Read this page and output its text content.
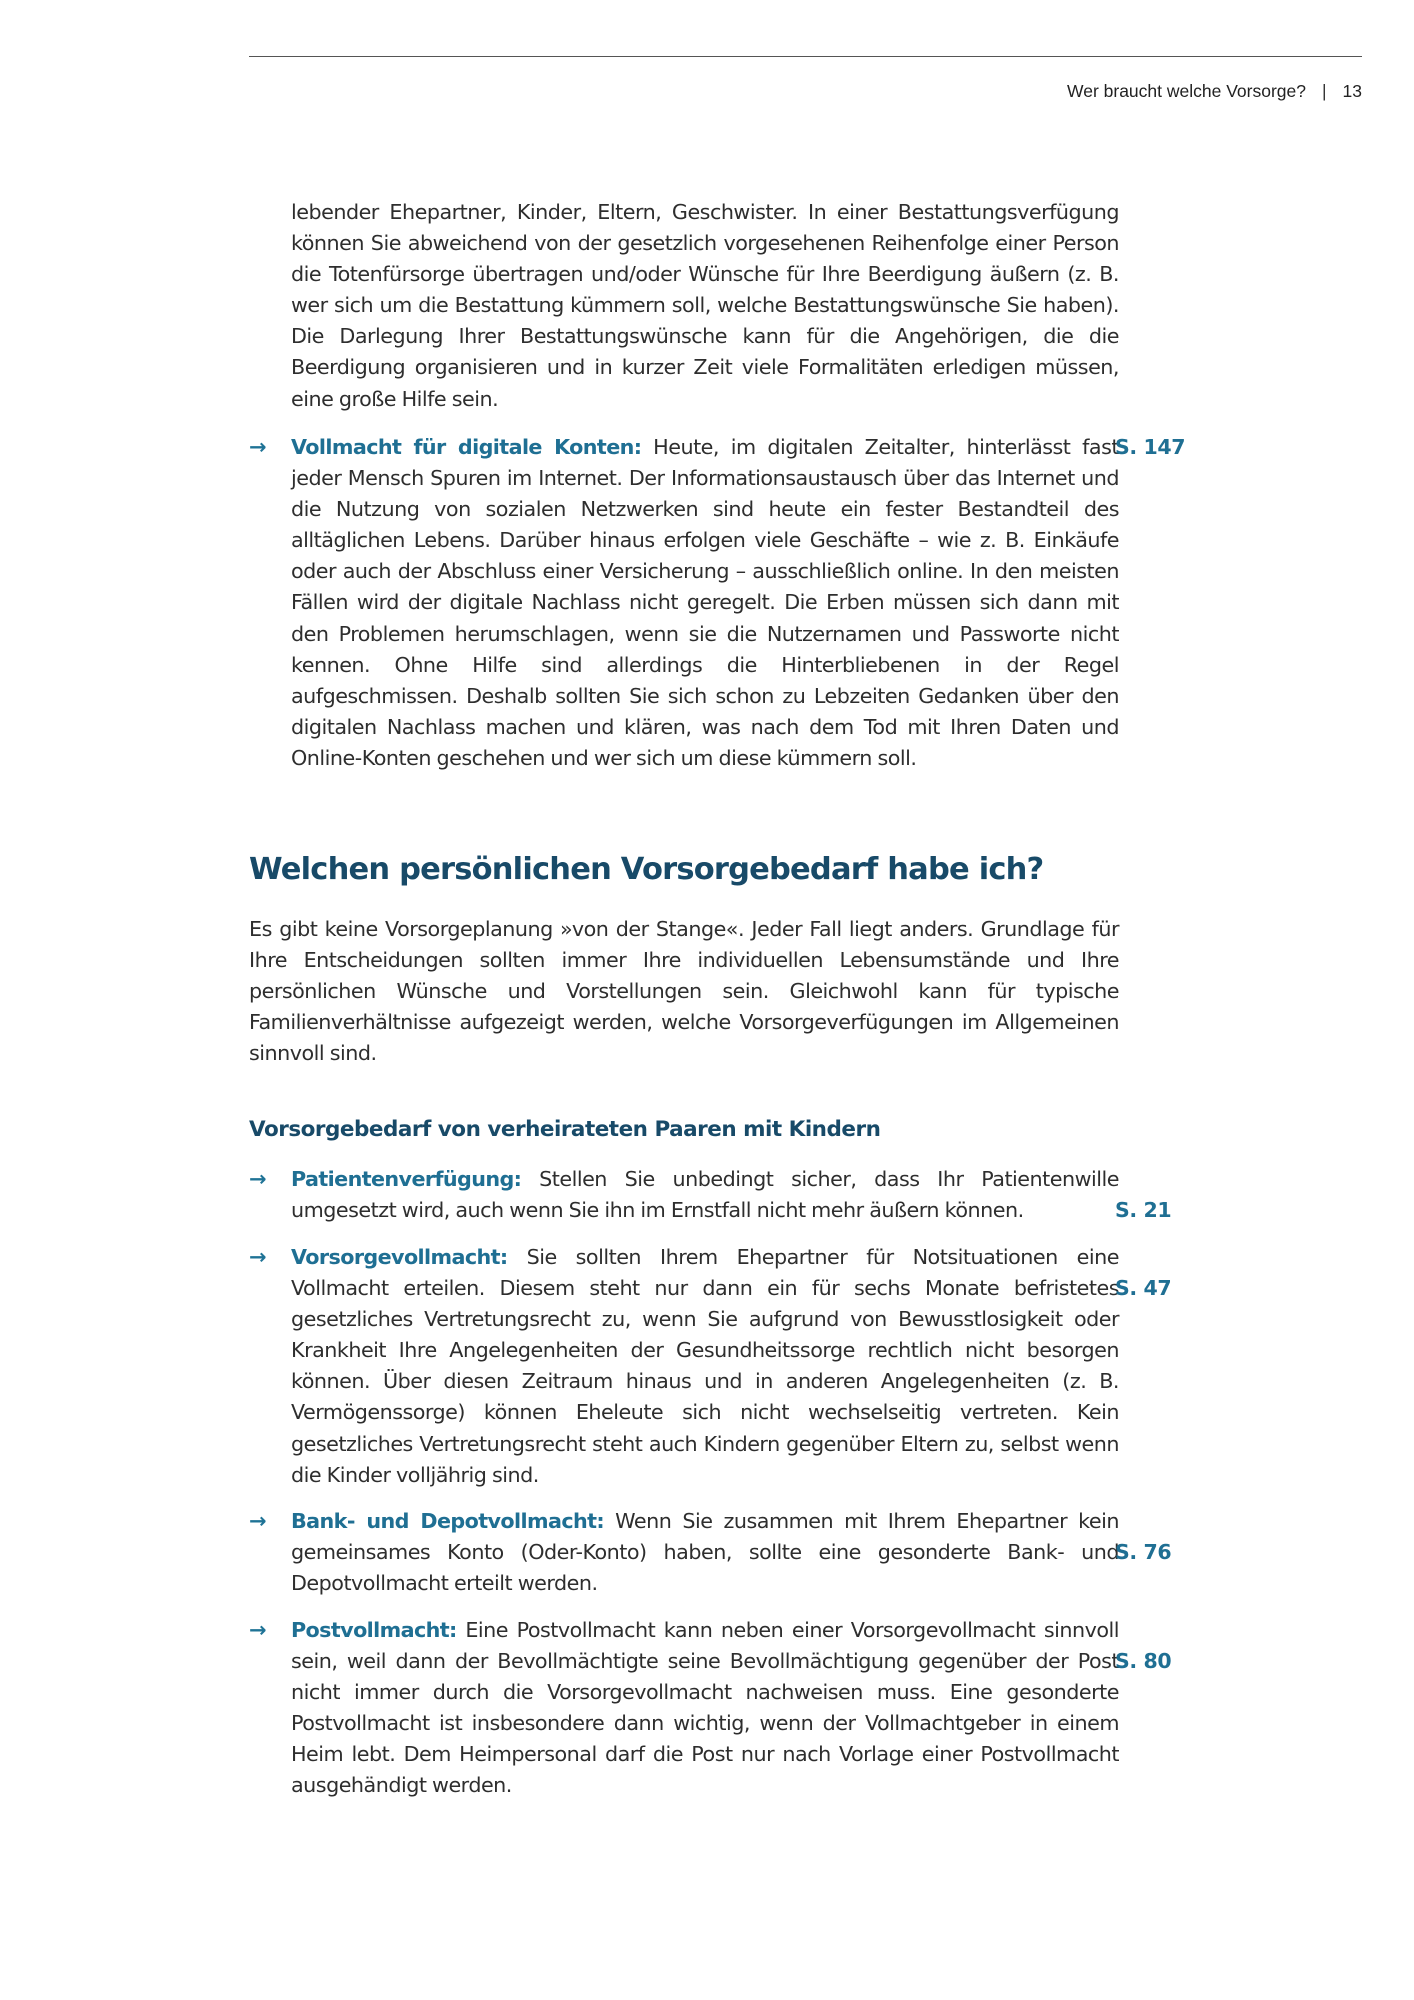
Wer braucht welche Vorsorge? | 13
lebender Ehepartner, Kinder, Eltern, Geschwister. In einer Bestattungsverfügung können Sie abweichend von der gesetzlich vorgesehenen Reihenfolge einer Person die Totenfürsorge übertragen und/oder Wünsche für Ihre Beerdigung äußern (z. B. wer sich um die Bestattung kümmern soll, welche Bestattungswünsche Sie haben). Die Darlegung Ihrer Bestattungswünsche kann für die Angehörigen, die die Beerdigung organisieren und in kurzer Zeit viele Formalitäten erledigen müssen, eine große Hilfe sein.
→	Vollmacht für digitale Konten: Heute, im digitalen Zeitalter, hinterlässt fast jeder Mensch Spuren im Internet. Der Informationsaustausch über das Internet und die Nutzung von sozialen Netzwerken sind heute ein fester Bestandteil des alltäglichen Lebens. Darüber hinaus erfolgen viele Geschäfte – wie z. B. Einkäufe oder auch der Abschluss einer Versicherung – ausschließlich online. In den meisten Fällen wird der digitale Nachlass nicht geregelt. Die Erben müssen sich dann mit den Problemen herumschlagen, wenn sie die Nutzernamen und Passworte nicht kennen. Ohne Hilfe sind allerdings die Hinterbliebenen in der Regel aufgeschmissen. Deshalb sollten Sie sich schon zu Lebzeiten Gedanken über den digitalen Nachlass machen und klären, was nach dem Tod mit Ihren Daten und Online-Konten geschehen und wer sich um diese kümmern soll.
S. 147
Welchen persönlichen Vorsorgebedarf habe ich?
Es gibt keine Vorsorgeplanung »von der Stange«. Jeder Fall liegt anders. Grundlage für Ihre Entscheidungen sollten immer Ihre individuellen Lebensumstände und Ihre persönlichen Wünsche und Vorstellungen sein. Gleichwohl kann für typische Familienverhältnisse aufgezeigt werden, welche Vorsorgeverfügungen im Allgemeinen sinnvoll sind.
Vorsorgebedarf von verheirateten Paaren mit Kindern
→	Patientenverfügung: Stellen Sie unbedingt sicher, dass Ihr Patientenwille umgesetzt wird, auch wenn Sie ihn im Ernstfall nicht mehr äußern können.	S. 21
→	Vorsorgevollmacht: Sie sollten Ihrem Ehepartner für Notsituationen eine Vollmacht erteilen. Diesem steht nur dann ein für sechs Monate befristetes gesetzliches Vertretungsrecht zu, wenn Sie aufgrund von Bewusstlosigkeit oder Krankheit Ihre Angelegenheiten der Gesundheitssorge rechtlich nicht besorgen können. Über diesen Zeitraum hinaus und in anderen Angelegenheiten (z. B. Vermögenssorge) können Eheleute sich nicht wechselseitig vertreten. Kein gesetzliches Vertretungsrecht steht auch Kindern gegenüber Eltern zu, selbst wenn die Kinder volljährig sind.
S. 47
→	Bank- und Depotvollmacht: Wenn Sie zusammen mit Ihrem Ehepartner kein gemeinsames Konto (Oder-Konto) haben, sollte eine gesonderte Bank- und Depotvollmacht erteilt werden.
S. 76
→	Postvollmacht: Eine Postvollmacht kann neben einer Vorsorgevollmacht sinnvoll sein, weil dann der Bevollmächtigte seine Bevollmächtigung gegenüber der Post nicht immer durch die Vorsorgevollmacht nachweisen muss. Eine gesonderte Postvollmacht ist insbesondere dann wichtig, wenn der Vollmachtgeber in einem Heim lebt. Dem Heimpersonal darf die Post nur nach Vorlage einer Postvollmacht ausgehändigt werden.
S. 80
